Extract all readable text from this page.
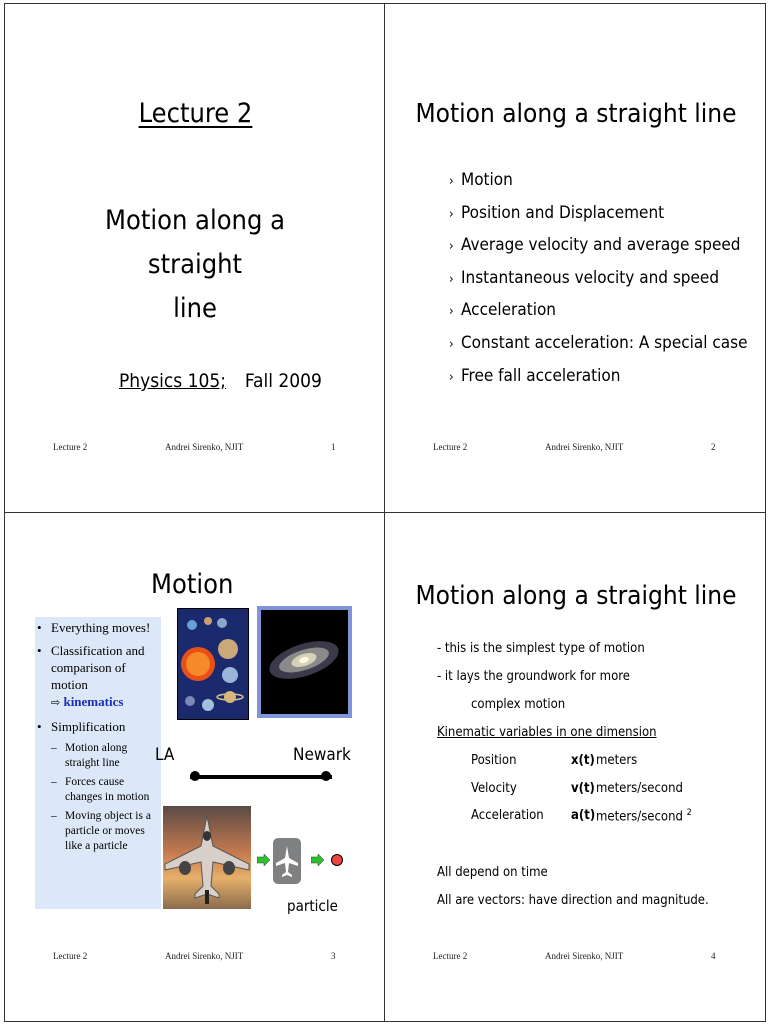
Lecture 2
Motion along a straight
line
Physics 105; Fall 2009
Lecture 2	Andrei Sirenko, NJIT	1
Motion along a straight line
› Motion
› Position and Displacement
› Average velocity and average speed
› Instantaneous velocity and speed
› Acceleration
› Constant acceleration: A special case
› Free fall acceleration
Lecture 2	Andrei Sirenko, NJIT	2
Motion
• Everything moves!
• Classification and comparison of motion
⇨ kinematics
• Simplification
– Motion along straight line
– Forces cause changes in motion
– Moving object is a particle or moves like a particle
LA	Newark
particle
Lecture 2	Andrei Sirenko, NJIT	3
Motion along a straight line
- this is the simplest type of motion
- it lays the groundwork for more
complex motion
Kinematic variables in one dimension
Position	x(t) meters
Velocity	v(t) meters/second
Acceleration a(t) meters/second $^2$
All depend on time
All are vectors: have direction and magnitude.
Lecture 2	Andrei Sirenko, NJIT	4
